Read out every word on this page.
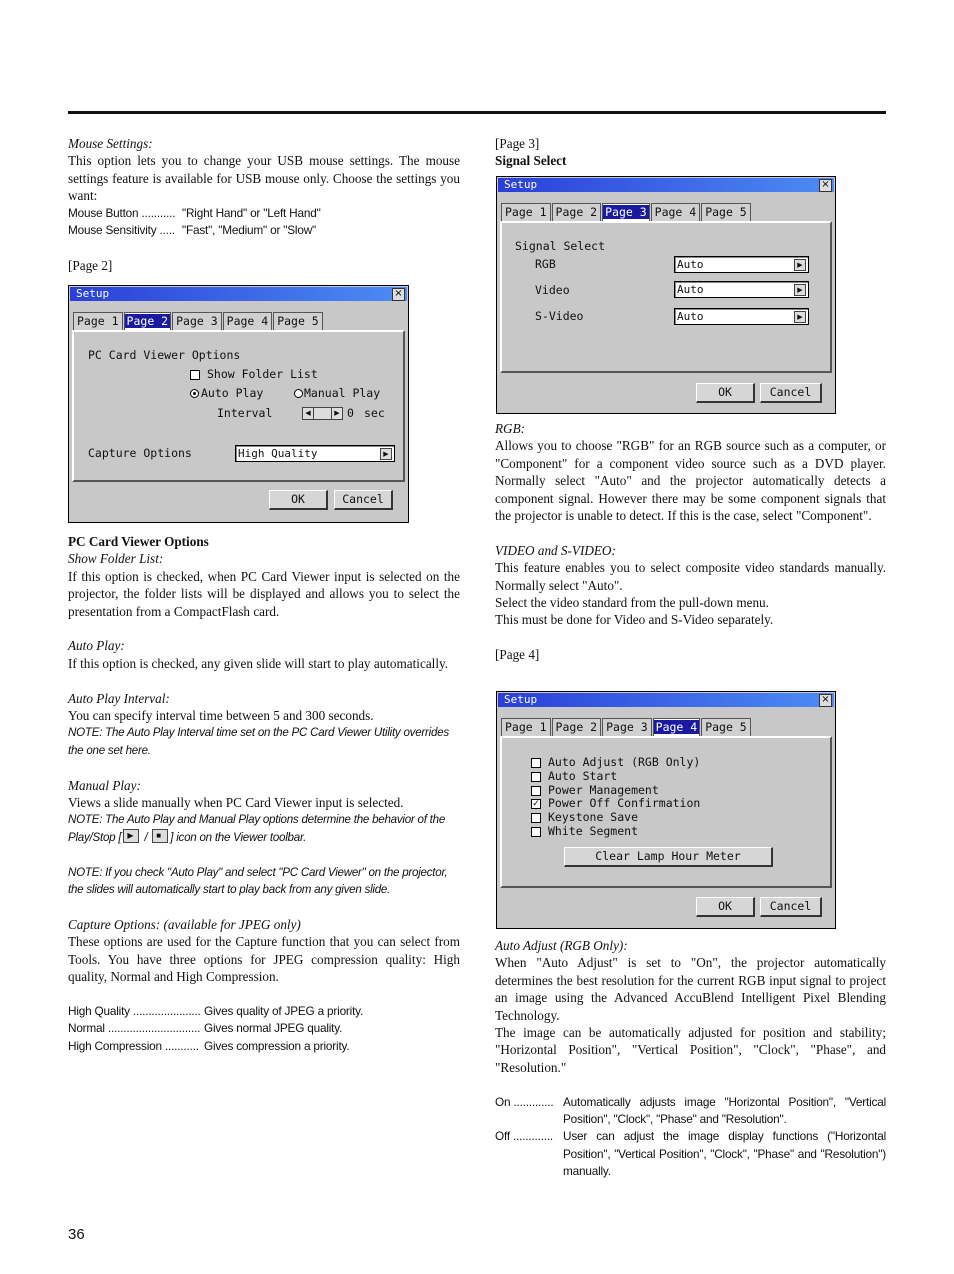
Mouse Settings:

This option lets you to change your USB mouse settings. The mouse settings feature is available for USB mouse only. Choose the settings you want:

Mouse Button ........... "Right Hand" or "Left Hand"
Mouse Sensitivity ..... "Fast", "Medium" or "Slow"

[Page 2]

Setup	×
Page 1 Page 2 Page 3 Page 4 Page 5
PC Card Viewer Options
Show Folder List
Auto Play	Manual Play
Interval	◀	▶ 0 sec
Capture Options	High Quality	▶
OK	Cancel

PC Card Viewer Options

Show Folder List:

If this option is checked, when PC Card Viewer input is selected on the projector, the folder lists will be displayed and allows you to select the presentation from a CompactFlash card.

Auto Play:

If this option is checked, any given slide will start to play automatically.

Auto Play Interval:

You can specify interval time between 5 and 300 seconds.

NOTE: The Auto Play Interval time set on the PC Card Viewer Utility overrides the one set here.

Manual Play:

Views a slide manually when PC Card Viewer input is selected.

NOTE: The Auto Play and Manual Play options determine the behavior of the Play/Stop [ ▶ / ■ ] icon on the Viewer toolbar.

NOTE: If you check "Auto Play" and select "PC Card Viewer" on the projector, the slides will automatically start to play back from any given slide.

Capture Options: (available for JPEG only)

These options are used for the Capture function that you can select from Tools. You have three options for JPEG compression quality: High quality, Normal and High Compression.

High Quality ...................... Gives quality of JPEG a priority.
Normal .............................. Gives normal JPEG quality.
High Compression ........... Gives compression a priority.

[Page 3]

Signal Select

Setup	×
Page 1 Page 2 Page 3 Page 4 Page 5
Signal Select
RGB	Auto	▶
Video	Auto	▶
S-Video	Auto	▶
OK	Cancel

RGB:

Allows you to choose "RGB" for an RGB source such as a computer, or "Component" for a component video source such as a DVD player. Normally select "Auto" and the projector automatically detects a component signal. However there may be some component signals that the projector is unable to detect. If this is the case, select "Component".

VIDEO and S-VIDEO:

This feature enables you to select composite video standards manually. Normally select "Auto".

Select the video standard from the pull-down menu.

This must be done for Video and S-Video separately.

[Page 4]

Setup	×
Page 1 Page 2 Page 3 Page 4 Page 5
Auto Adjust (RGB Only)
Auto Start
Power Management
✓ Power Off Confirmation
Keystone Save
White Segment
Clear Lamp Hour Meter
OK	Cancel

Auto Adjust (RGB Only):

When "Auto Adjust" is set to "On", the projector automatically determines the best resolution for the current RGB input signal to project an image using the Advanced AccuBlend Intelligent Pixel Blending Technology.

The image can be automatically adjusted for position and stability; "Horizontal Position", "Vertical Position", "Clock", "Phase", and "Resolution."

On ............. Automatically adjusts image "Horizontal Position", "Vertical Position", "Clock", "Phase" and "Resolution".
Off ............. User can adjust the image display functions ("Horizontal Position", "Vertical Position", "Clock", "Phase" and "Resolution") manually.
36
